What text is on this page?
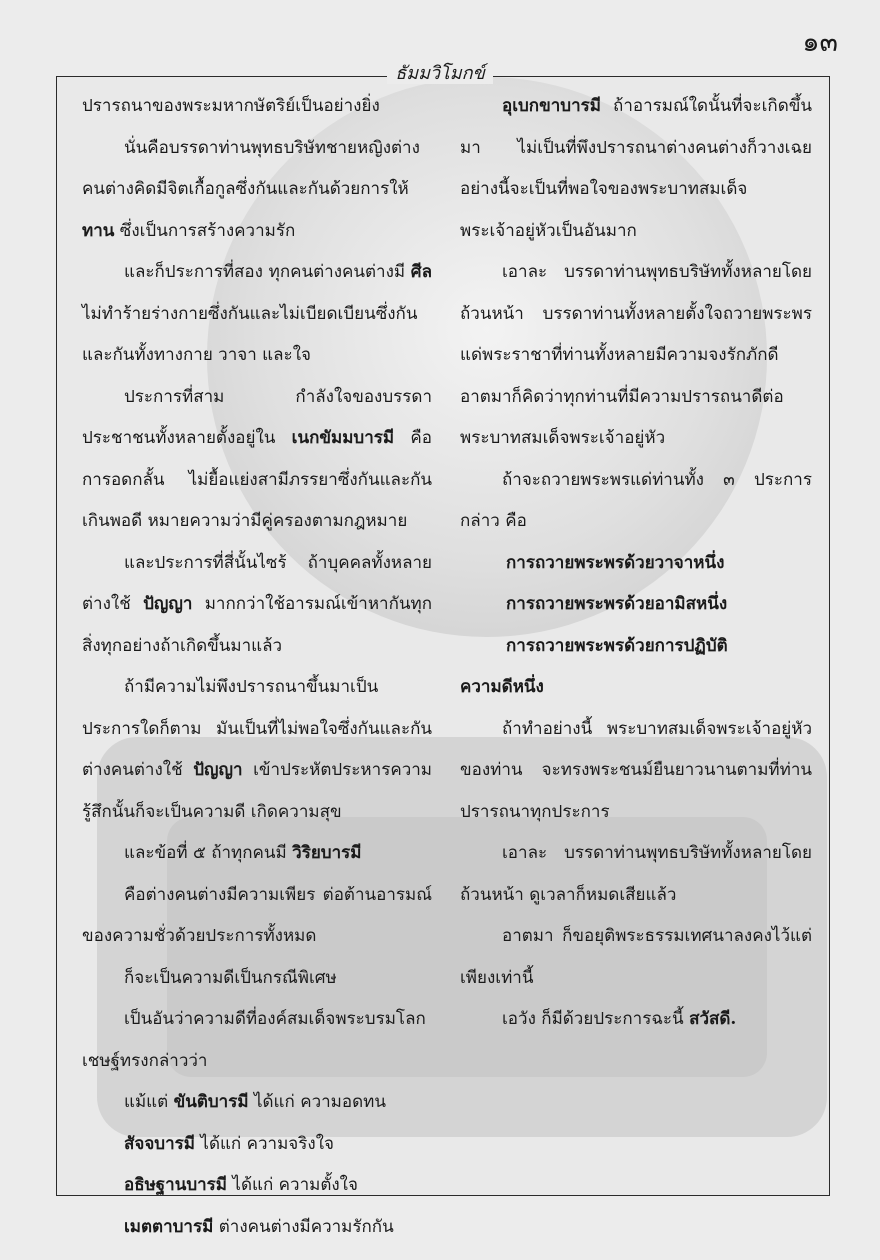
๑๓
ธัมมวิโมกข์

ปรารถนาของพระมหากษัตริย์เป็นอย่างยิ่ง

นั่นคือบรรดาท่านพุทธบริษัทชายหญิงต่างคนต่างคิดมีจิตเกื้อกูลซึ่งกันและกันด้วยการให้ ทาน ซึ่งเป็นการสร้างความรัก

และก็ประการที่สอง ทุกคนต่างคนต่างมี ศีล ไม่ทำร้ายร่างกายซึ่งกันและไม่เบียดเบียนซึ่งกันและกันทั้งทางกาย วาจา และใจ

ประการที่สาม กำลังใจของบรรดาประชาชนทั้งหลายตั้งอยู่ใน เนกขัมมบารมี คือการอดกลั้น ไม่ยื้อแย่งสามีภรรยาซึ่งกันและกันเกินพอดี หมายความว่ามีคู่ครองตามกฎหมาย

และประการที่สี่นั้นไซร้ ถ้าบุคคลทั้งหลายต่างใช้ ปัญญา มากกว่าใช้อารมณ์เข้าหากันทุกสิ่งทุกอย่างถ้าเกิดขึ้นมาแล้ว

ถ้ามีความไม่พึงปรารถนาขึ้นมาเป็นประการใดก็ตาม มันเป็นที่ไม่พอใจซึ่งกันและกัน ต่างคนต่างใช้ ปัญญา เข้าประหัตประหารความรู้สึกนั้นก็จะเป็นความดี เกิดความสุข

และข้อที่ ๕ ถ้าทุกคนมี วิริยบารมี

คือต่างคนต่างมีความเพียร ต่อต้านอารมณ์ของความชั่วด้วยประการทั้งหมด

ก็จะเป็นความดีเป็นกรณีพิเศษ

เป็นอันว่าความดีที่องค์สมเด็จพระบรมโลกเชษฐ์ทรงกล่าวว่า

แม้แต่ ขันติบารมี ได้แก่ ความอดทน

สัจจบารมี ได้แก่ ความจริงใจ

อธิษฐานบารมี ได้แก่ ความตั้งใจ

เมตตาบารมี ต่างคนต่างมีความรักกัน

อุเบกขาบารมี ถ้าอารมณ์ใดนั้นที่จะเกิดขึ้นมา ไม่เป็นที่พึงปรารถนาต่างคนต่างก็วางเฉย อย่างนี้จะเป็นที่พอใจของพระบาทสมเด็จพระเจ้าอยู่หัวเป็นอันมาก

เอาละ บรรดาท่านพุทธบริษัททั้งหลายโดยถ้วนหน้า บรรดาท่านทั้งหลายตั้งใจถวายพระพรแด่พระราชาที่ท่านทั้งหลายมีความจงรักภักดี อาตมาก็คิดว่าทุกท่านที่มีความปรารถนาดีต่อพระบาทสมเด็จพระเจ้าอยู่หัว

ถ้าจะถวายพระพรแด่ท่านทั้ง ๓ ประการกล่าว คือ

การถวายพระพรด้วยวาจาหนึ่ง

การถวายพระพรด้วยอามิสหนึ่ง

การถวายพระพรด้วยการปฏิบัติ

ความดีหนึ่ง

ถ้าทำอย่างนี้ พระบาทสมเด็จพระเจ้าอยู่หัวของท่าน จะทรงพระชนม์ยืนยาวนานตามที่ท่านปรารถนาทุกประการ

เอาละ บรรดาท่านพุทธบริษัททั้งหลายโดยถ้วนหน้า ดูเวลาก็หมดเสียแล้ว

อาตมา ก็ขอยุติพระธรรมเทศนาลงคงไว้แต่เพียงเท่านี้

เอวัง ก็มีด้วยประการฉะนี้ สวัสดี.
